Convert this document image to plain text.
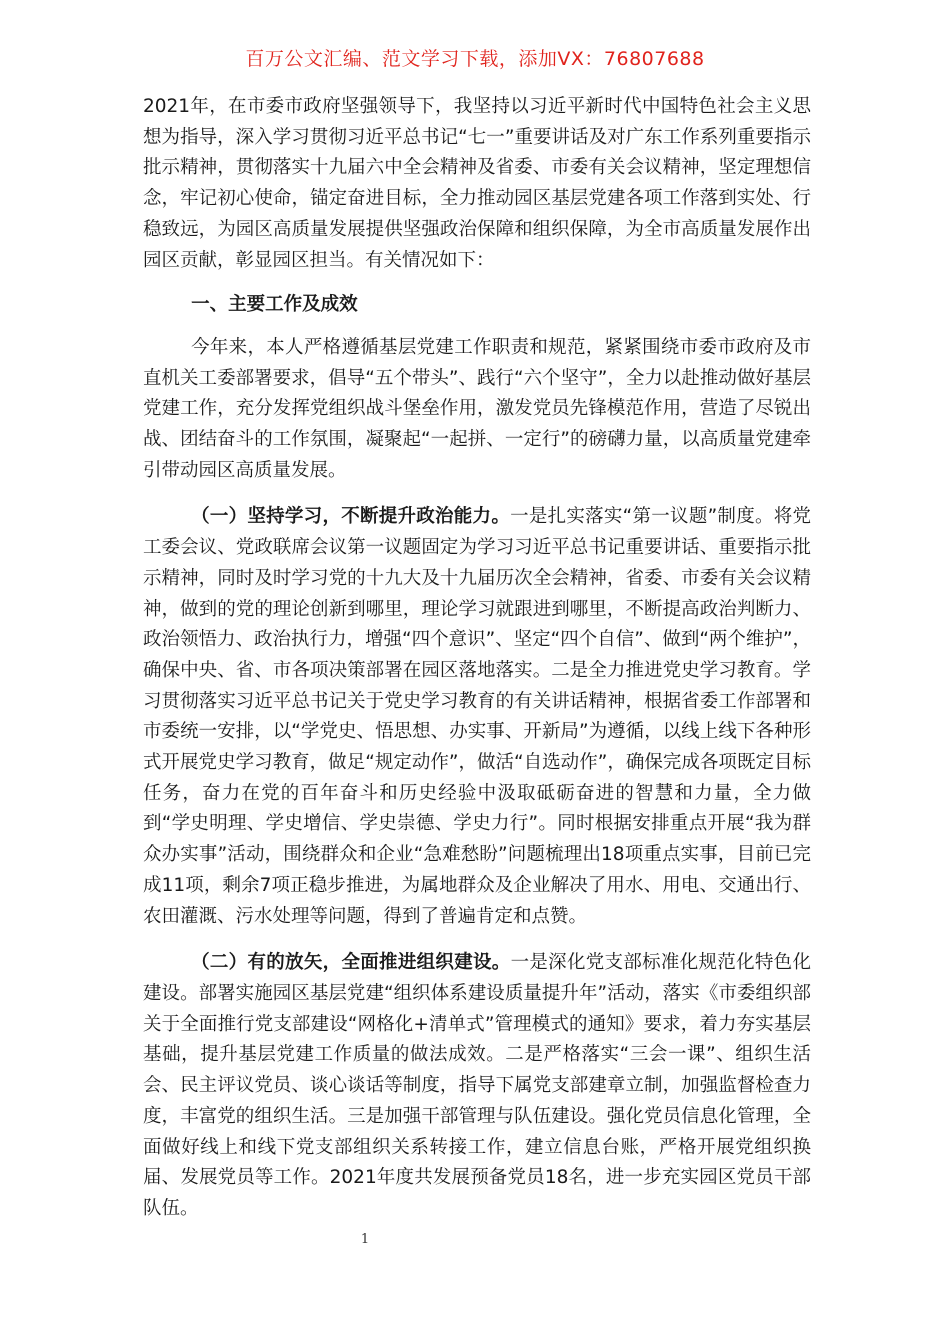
百万公文汇编、范文学习下载，添加VX：76807688

2021年，在市委市政府坚强领导下，我坚持以习近平新时代中国特色社会主义思想为指导，深入学习贯彻习近平总书记“七一”重要讲话及对广东工作系列重要指示批示精神，贯彻落实十九届六中全会精神及省委、市委有关会议精神，坚定理想信念，牢记初心使命，锚定奋进目标，全力推动园区基层党建各项工作落到实处、行稳致远，为园区高质量发展提供坚强政治保障和组织保障，为全市高质量发展作出园区贡献，彰显园区担当。有关情况如下：

一、主要工作及成效

今年来，本人严格遵循基层党建工作职责和规范，紧紧围绕市委市政府及市直机关工委部署要求，倡导“五个带头”、践行“六个坚守”，全力以赴推动做好基层党建工作，充分发挥党组织战斗堡垒作用，激发党员先锋模范作用，营造了尽锐出战、团结奋斗的工作氛围，凝聚起“一起拼、一定行”的磅礴力量，以高质量党建牵引带动园区高质量发展。

（一）坚持学习，不断提升政治能力。一是扎实落实“第一议题”制度。将党工委会议、党政联席会议第一议题固定为学习习近平总书记重要讲话、重要指示批示精神，同时及时学习党的十九大及十九届历次全会精神，省委、市委有关会议精神，做到的党的理论创新到哪里，理论学习就跟进到哪里，不断提高政治判断力、政治领悟力、政治执行力，增强“四个意识”、坚定“四个自信”、做到“两个维护”，确保中央、省、市各项决策部署在园区落地落实。二是全力推进党史学习教育。学习贯彻落实习近平总书记关于党史学习教育的有关讲话精神，根据省委工作部署和市委统一安排，以“学党史、悟思想、办实事、开新局”为遵循，以线上线下各种形式开展党史学习教育，做足“规定动作”，做活“自选动作”，确保完成各项既定目标任务，奋力在党的百年奋斗和历史经验中汲取砥砺奋进的智慧和力量，全力做到“学史明理、学史增信、学史崇德、学史力行”。同时根据安排重点开展“我为群众办实事”活动，围绕群众和企业“急难愁盼”问题梳理出18项重点实事，目前已完成11项，剩余7项正稳步推进，为属地群众及企业解决了用水、用电、交通出行、农田灌溉、污水处理等问题，得到了普遍肯定和点赞。

（二）有的放矢，全面推进组织建设。一是深化党支部标准化规范化特色化建设。部署实施园区基层党建“组织体系建设质量提升年”活动，落实《市委组织部关于全面推行党支部建设“网格化+清单式”管理模式的通知》要求，着力夯实基层基础，提升基层党建工作质量的做法成效。二是严格落实“三会一课”、组织生活会、民主评议党员、谈心谈话等制度，指导下属党支部建章立制，加强监督检查力度，丰富党的组织生活。三是加强干部管理与队伍建设。强化党员信息化管理，全面做好线上和线下党支部组织关系转接工作，建立信息台账，严格开展党组织换届、发展党员等工作。2021年度共发展预备党员18名，进一步充实园区党员干部队伍。

1
